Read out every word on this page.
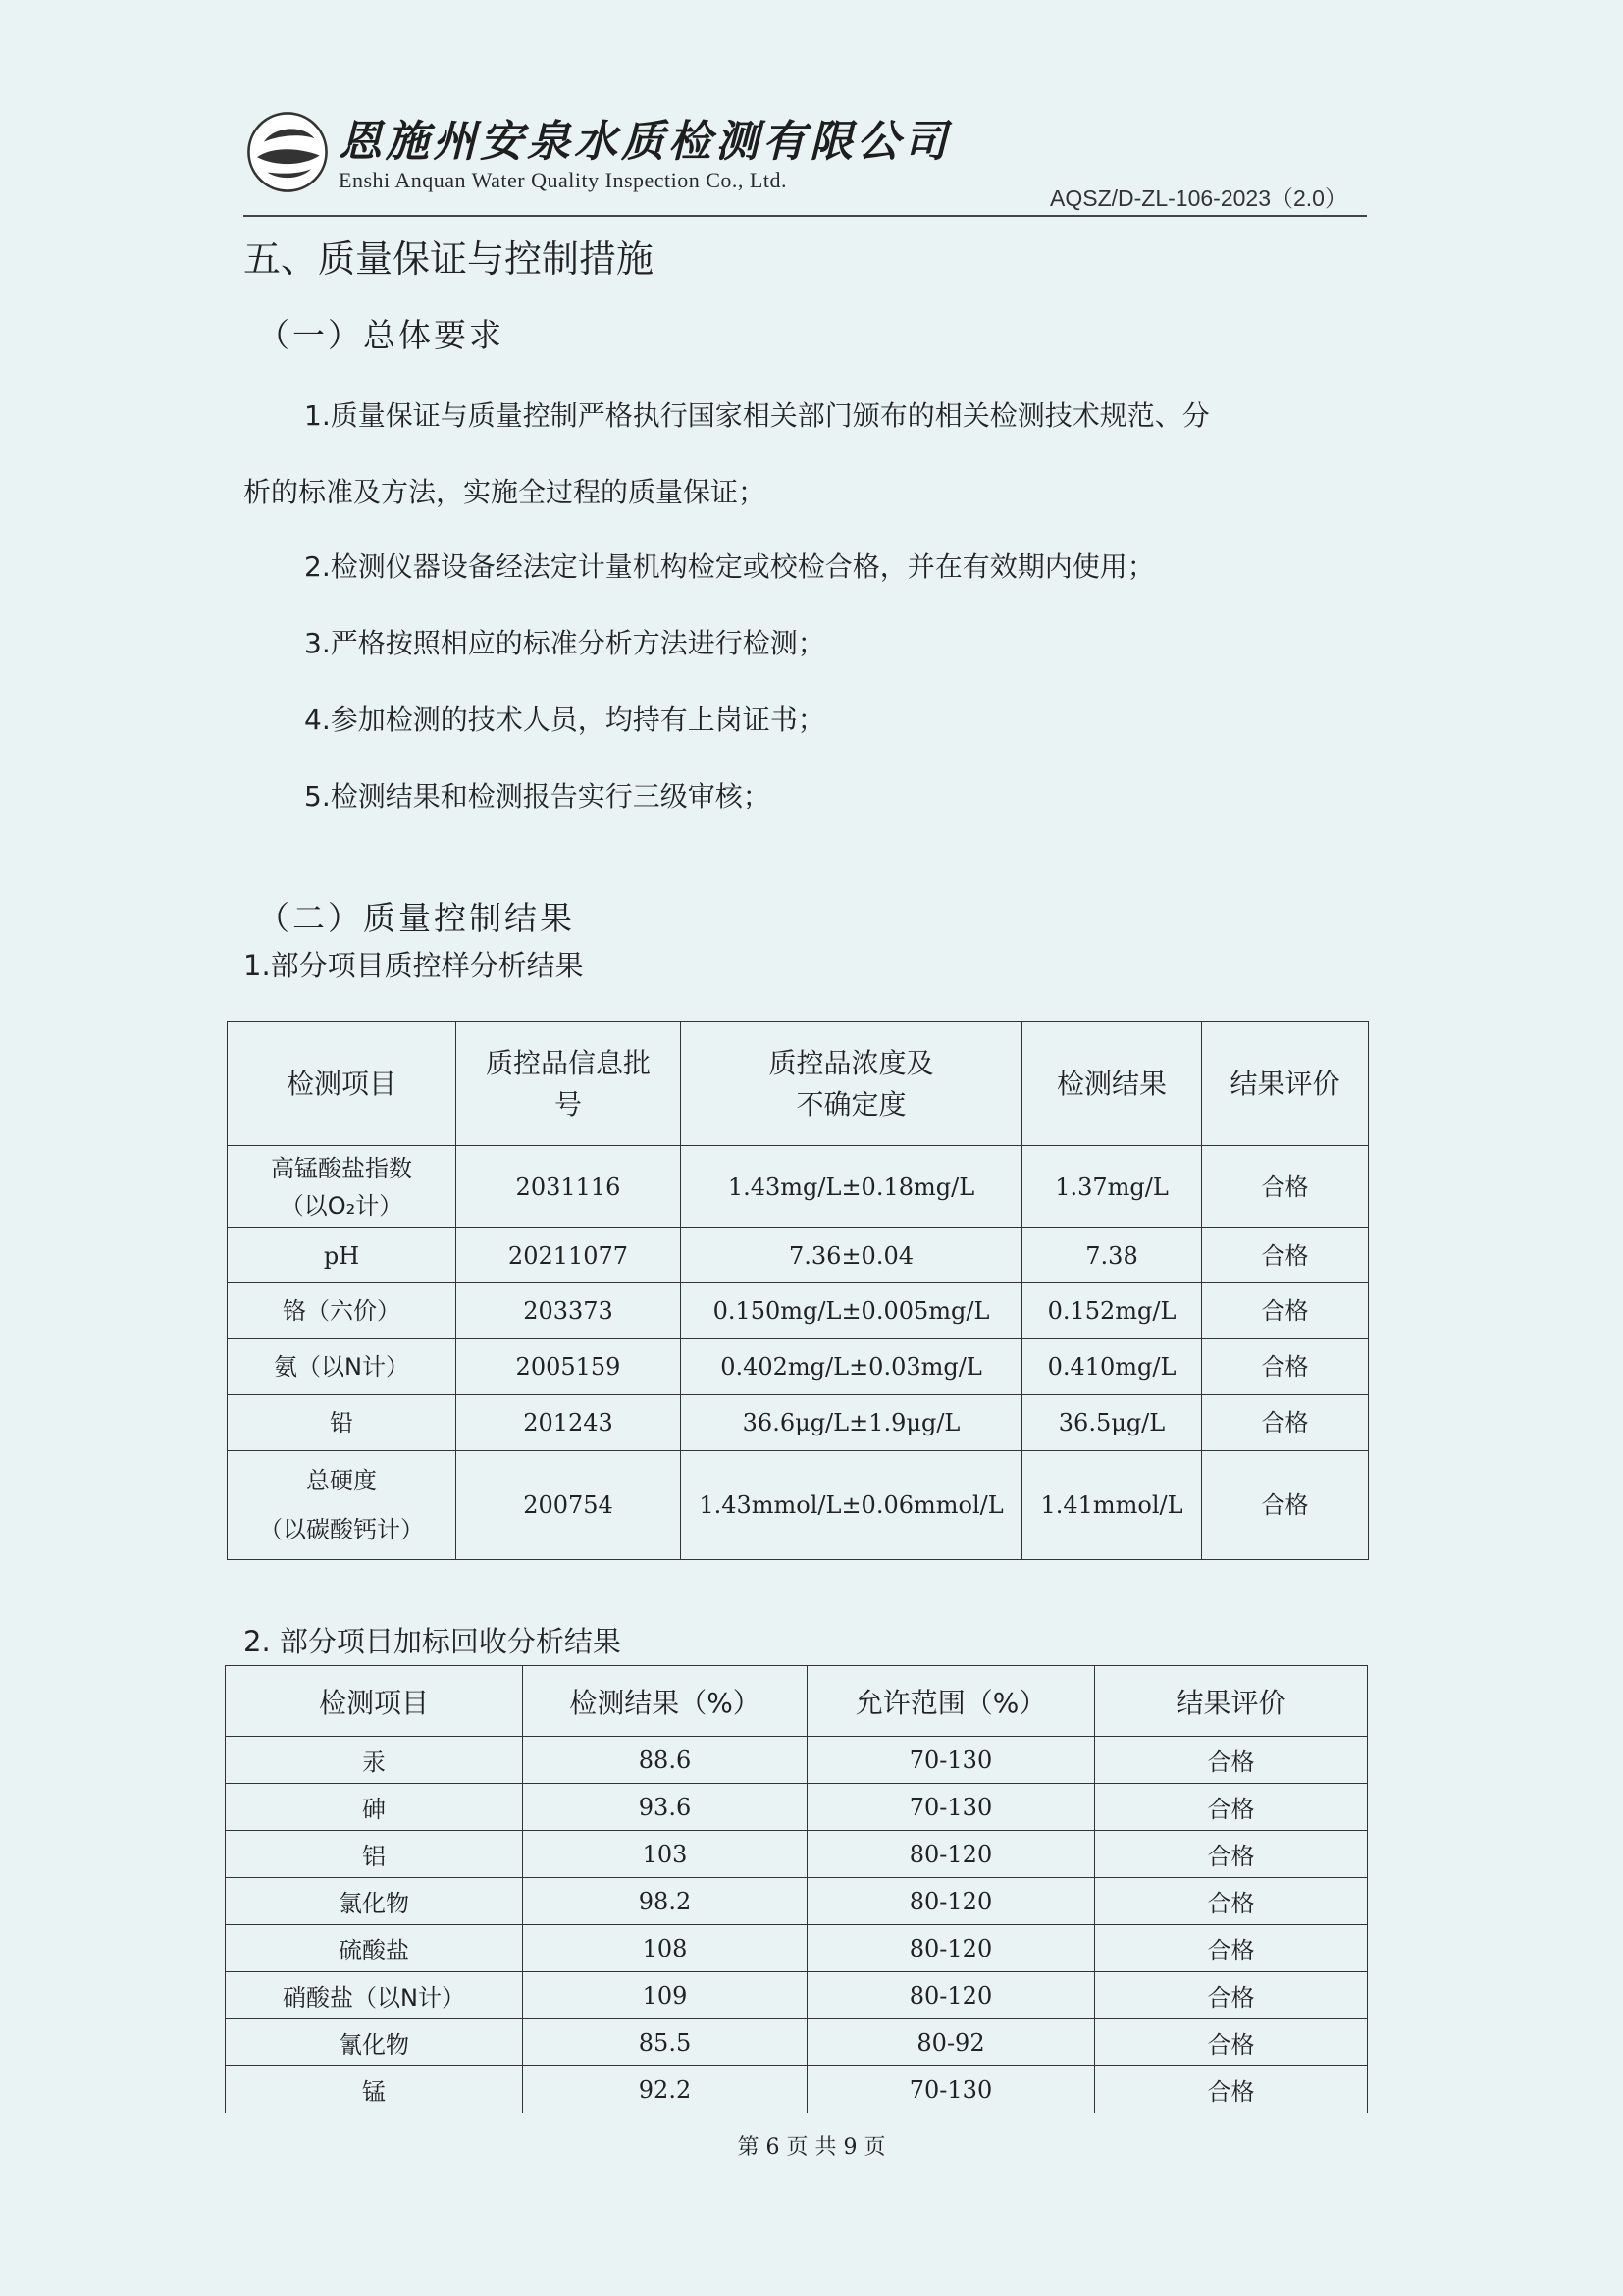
恩施州安泉水质检测有限公司
Enshi Anquan Water Quality Inspection Co., Ltd.
AQSZ/D-ZL-106-2023（2.0）
五、质量保证与控制措施
（一）总体要求
1.质量保证与质量控制严格执行国家相关部门颁布的相关检测技术规范、分
析的标准及方法，实施全过程的质量保证；
2.检测仪器设备经法定计量机构检定或校检合格，并在有效期内使用；
3.严格按照相应的标准分析方法进行检测；
4.参加检测的技术人员，均持有上岗证书；
5.检测结果和检测报告实行三级审核；
（二）质量控制结果
1.部分项目质控样分析结果
检测项目	质控品信息批号	质控品浓度及不确定度	检测结果	结果评价

高锰酸盐指数
（以O₂计）	2031116	1.43mg/L±0.18mg/L	1.37mg/L	合格
pH	20211077	7.36±0.04	7.38	合格
铬（六价）	203373	0.150mg/L±0.005mg/L	0.152mg/L	合格
氨（以N计）	2005159	0.402mg/L±0.03mg/L	0.410mg/L	合格
铅	201243	36.6μg/L±1.9μg/L	36.5μg/L	合格

总硬度
（以碳酸钙计）	200754	1.43mmol/L±0.06mmol/L	1.41mmol/L	合格
2. 部分项目加标回收分析结果
检测项目	检测结果（%）	允许范围（%）	结果评价
汞	88.6	70-130	合格
砷	93.6	70-130	合格
铝	103	80-120	合格
氯化物	98.2	80-120	合格
硫酸盐	108	80-120	合格
硝酸盐（以N计）	109	80-120	合格
氰化物	85.5	80-92	合格
锰	92.2	70-130	合格
第 6 页 共 9 页
